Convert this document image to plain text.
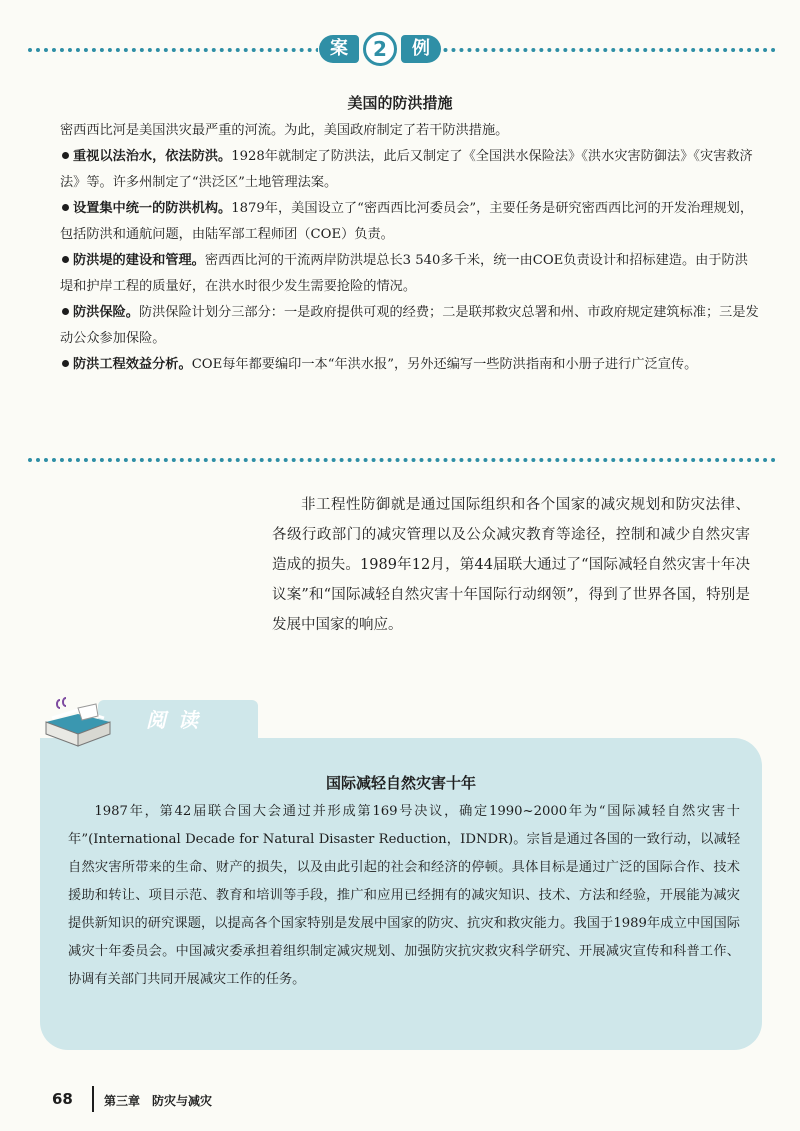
案	2	例
美国的防洪措施

密西西比河是美国洪灾最严重的河流。为此，美国政府制定了若干防洪措施。

重视以法治水，依法防洪。1928年就制定了防洪法，此后又制定了《全国洪水保险法》《洪水灾害防御法》《灾害救济法》等。许多州制定了“洪泛区”土地管理法案。

设置集中统一的防洪机构。1879年，美国设立了“密西西比河委员会”，主要任务是研究密西西比河的开发治理规划，包括防洪和通航问题，由陆军部工程师团（COE）负责。

防洪堤的建设和管理。密西西比河的干流两岸防洪堤总长3 540多千米，统一由COE负责设计和招标建造。由于防洪堤和护岸工程的质量好，在洪水时很少发生需要抢险的情况。

防洪保险。防洪保险计划分三部分：一是政府提供可观的经费；二是联邦救灾总署和州、市政府规定建筑标准；三是发动公众参加保险。

防洪工程效益分析。COE每年都要编印一本“年洪水报”，另外还编写一些防洪指南和小册子进行广泛宣传。

非工程性防御就是通过国际组织和各个国家的减灾规划和防灾法律、各级行政部门的减灾管理以及公众减灾教育等途径，控制和减少自然灾害造成的损失。1989年12月，第44届联大通过了“国际减轻自然灾害十年决议案”和“国际减轻自然灾害十年国际行动纲领”，得到了世界各国，特别是发展中国家的响应。

阅读
国际减轻自然灾害十年

1987年，第42届联合国大会通过并形成第169号决议，确定1990~2000年为“国际减轻自然灾害十年”(International Decade for Natural Disaster Reduction，IDNDR)。宗旨是通过各国的一致行动，以减轻自然灾害所带来的生命、财产的损失，以及由此引起的社会和经济的停顿。具体目标是通过广泛的国际合作、技术援助和转让、项目示范、教育和培训等手段，推广和应用已经拥有的减灾知识、技术、方法和经验，开展能为减灾提供新知识的研究课题，以提高各个国家特别是发展中国家的防灾、抗灾和救灾能力。我国于1989年成立中国国际减灾十年委员会。中国减灾委承担着组织制定减灾规划、加强防灾抗灾救灾科学研究、开展减灾宣传和科普工作、协调有关部门共同开展减灾工作的任务。

68	第三章　防灾与减灾
